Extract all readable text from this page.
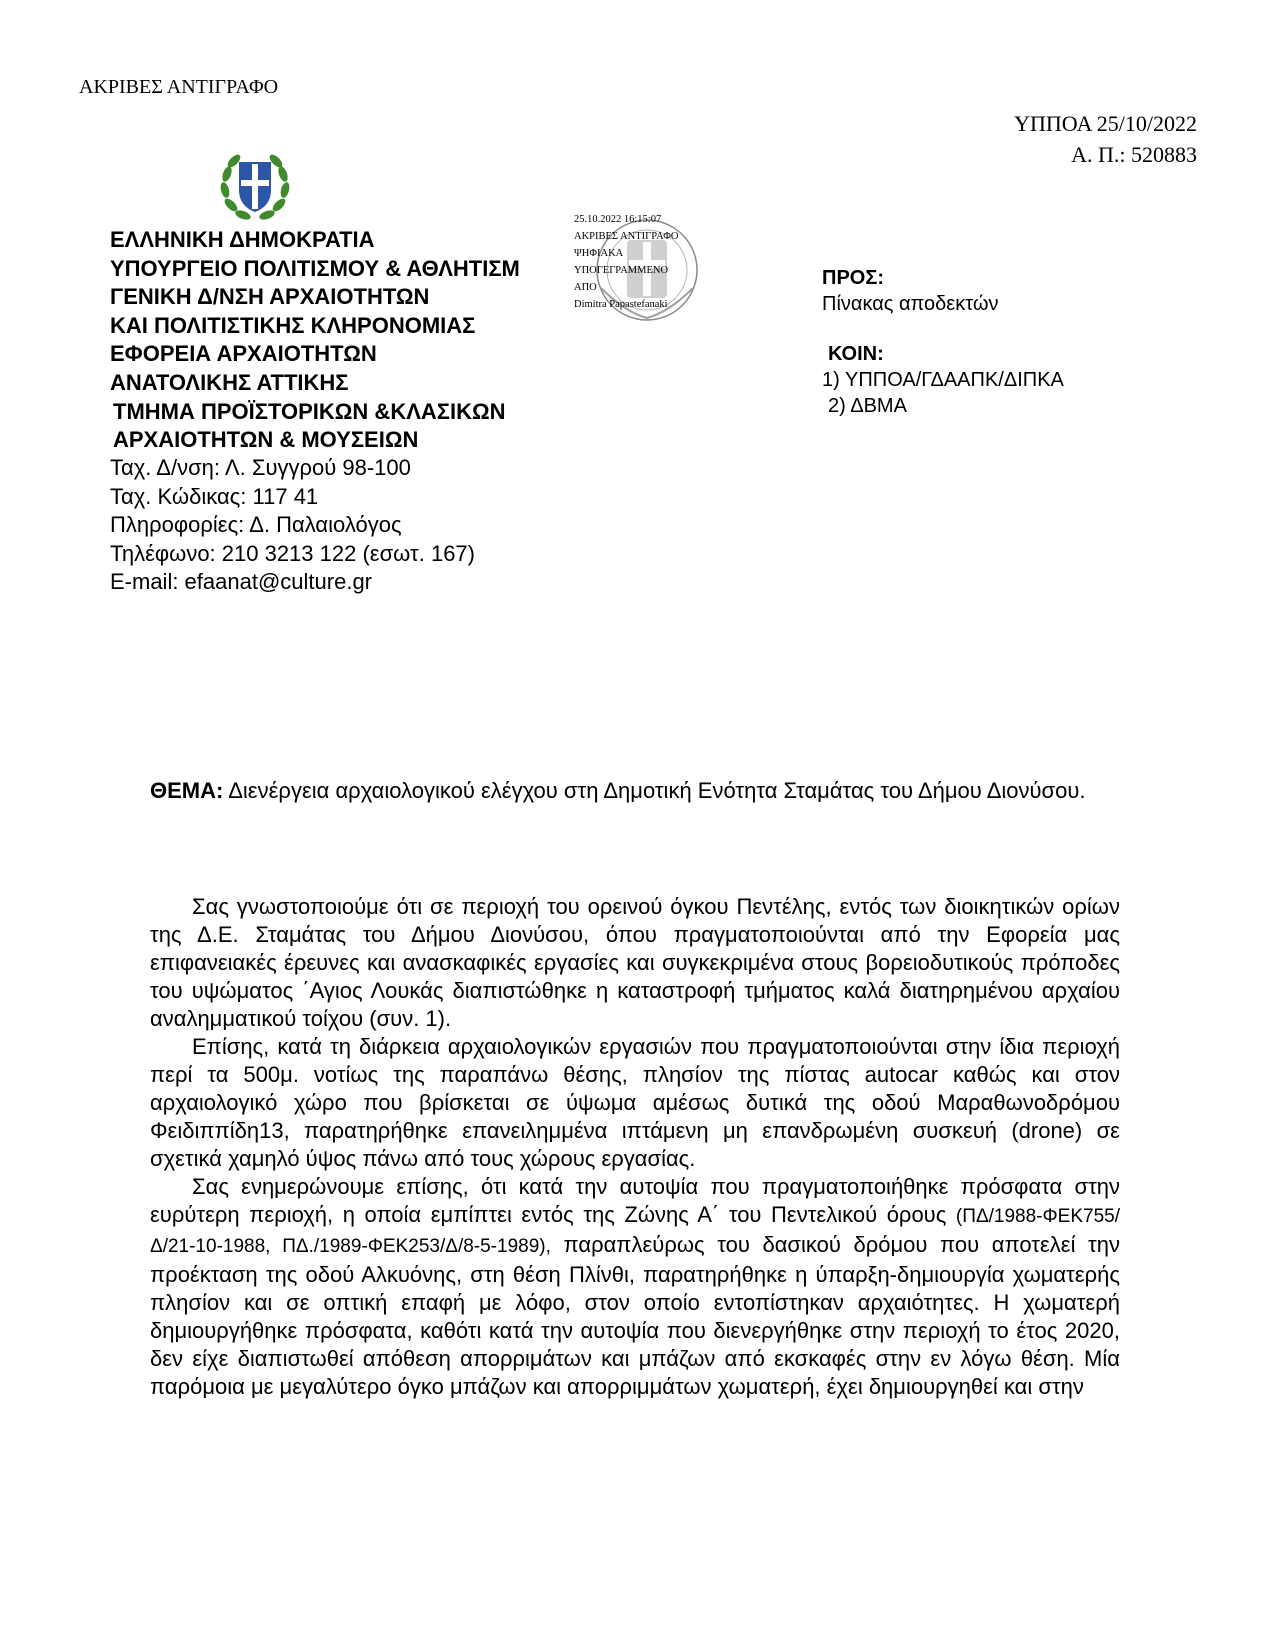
ΑΚΡΙΒΕΣ ΑΝΤΙΓΡΑΦΟ
ΥΠΠΟΑ 25/10/2022
Α. Π.: 520883
ΕΛΛΗΝΙΚΗ ΔΗΜΟΚΡΑΤΙΑ
ΥΠΟΥΡΓΕΙΟ ΠΟΛΙΤΙΣΜΟΥ & ΑΘΛΗΤΙΣΜ
ΓΕΝΙΚΗ Δ/ΝΣΗ ΑΡΧΑΙΟΤΗΤΩΝ
ΚΑΙ ΠΟΛΙΤΙΣΤΙΚΗΣ ΚΛΗΡΟΝΟΜΙΑΣ
ΕΦΟΡΕΙΑ ΑΡΧΑΙΟΤΗΤΩΝ
ΑΝΑΤΟΛΙΚΗΣ ΑΤΤΙΚΗΣ
ΤΜΗΜΑ ΠΡΟΪΣΤΟΡΙΚΩΝ &ΚΛΑΣΙΚΩΝ
ΑΡΧΑΙΟΤΗΤΩΝ & ΜΟΥΣΕΙΩΝ
Ταχ. Δ/νση: Λ. Συγγρού 98-100
Ταχ. Κώδικας: 117 41
Πληροφορίες: Δ. Παλαιολόγος
Τηλέφωνο: 210 3213 122 (εσωτ. 167)
E-mail: efaanat@culture.gr
25.10.2022 16:15:07
ΑΚΡΙΒΕΣ ΑΝΤΙΓΡΑΦΟ
ΨΗΦΙΑΚΑ
ΥΠΟΓΕΓΡΑΜΜΕΝΟ
ΑΠΟ
Dimitra Papastefanaki
ΠΡΟΣ:
Πίνακας αποδεκτών
ΚΟΙΝ:
1) ΥΠΠΟΑ/ΓΔΑΑΠΚ/ΔΙΠΚΑ
2) ΔΒΜΑ
ΘΕΜΑ: Διενέργεια αρχαιολογικού ελέγχου στη Δημοτική Ενότητα Σταμάτας του Δήμου Διονύσου.

Σας γνωστοποιούμε ότι σε περιοχή του ορεινού όγκου Πεντέλης, εντός των διοικητικών ορίων της Δ.Ε. Σταμάτας του Δήμου Διονύσου, όπου πραγματοποιούνται από την Εφορεία μας επιφανειακές έρευνες και ανασκαφικές εργασίες και συγκεκριμένα στους βορειοδυτικούς πρόποδες του υψώματος ΄Αγιος Λουκάς διαπιστώθηκε η καταστροφή τμήματος καλά διατηρημένου αρχαίου αναλημματικού τοίχου (συν. 1).

Επίσης, κατά τη διάρκεια αρχαιολογικών εργασιών που πραγματοποιούνται στην ίδια περιοχή περί τα 500μ. νοτίως της παραπάνω θέσης, πλησίον της πίστας autocar καθώς και στον αρχαιολογικό χώρο που βρίσκεται σε ύψωμα αμέσως δυτικά της οδού Μαραθωνοδρόμου Φειδιππίδη13, παρατηρήθηκε επανειλημμένα ιπτάμενη μη επανδρωμένη συσκευή (drone) σε σχετικά χαμηλό ύψος πάνω από τους χώρους εργασίας.

Σας ενημερώνουμε επίσης, ότι κατά την αυτοψία που πραγματοποιήθηκε πρόσφατα στην ευρύτερη περιοχή, η οποία εμπίπτει εντός της Ζώνης Α΄ του Πεντελικού όρους (ΠΔ/1988-ΦΕΚ755/Δ/21-10-1988, ΠΔ./1989-ΦΕΚ253/Δ/8-5-1989), παραπλεύρως του δασικού δρόμου που αποτελεί την προέκταση της οδού Αλκυόνης, στη θέση Πλίνθι, παρατηρήθηκε η ύπαρξη-δημιουργία χωματερής πλησίον και σε οπτική επαφή με λόφο, στον οποίο εντοπίστηκαν αρχαιότητες. Η χωματερή δημιουργήθηκε πρόσφατα, καθότι κατά την αυτοψία που διενεργήθηκε στην περιοχή το έτος 2020, δεν είχε διαπιστωθεί απόθεση απορριμάτων και μπάζων από εκσκαφές στην εν λόγω θέση. Μία παρόμοια με μεγαλύτερο όγκο μπάζων και απορριμμάτων χωματερή, έχει δημιουργηθεί και στην
